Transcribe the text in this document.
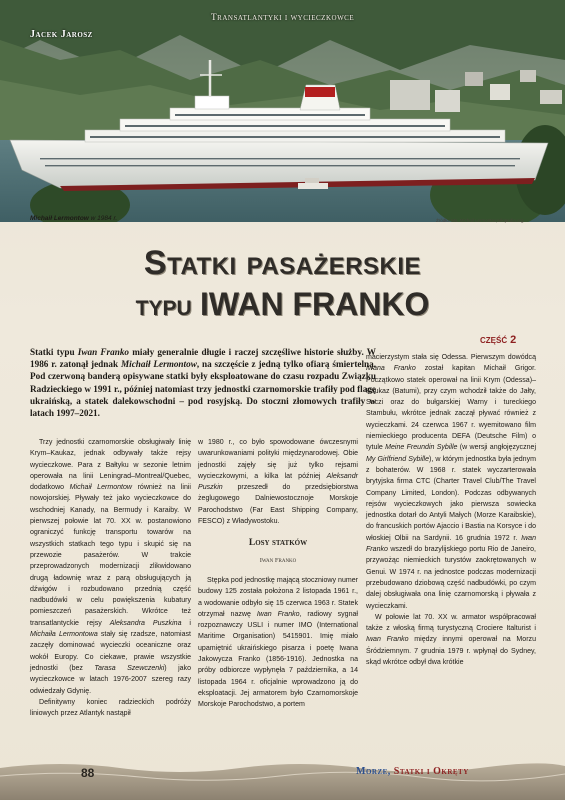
Transatlantyki i wycieczkowce
Jacek Jarosz
Michaił Lermontow w 1984 r.	Źródło: Ms. Michail Lermontov,wikipedia.org
Statki pasażerskie
typu IWAN FRANKO
część 2
Statki typu Iwan Franko miały generalnie długie i raczej szczęśliwe historie służby. W 1986 r. zatonął jednak Michaił Lermontow, na szczęście z jedną tylko ofiarą śmiertelną. Pod czerwoną banderą opisywane statki były eksploatowane do czasu rozpadu Związku Radzieckiego w 1991 r., później natomiast trzy jednostki czarnomorskie trafiły pod flagę ukraińską, a statek dalekowschodni – pod rosyjską. Do stoczni złomowych trafiły w latach 1997–2021.

Trzy jednostki czarnomorskie obsługiwały linię Krym–Kaukaz, jednak odbywały także rejsy wycieczkowe. Para z Bałtyku w sezonie letnim operowała na linii Leningrad–Montreal/Quebec, dodatkowo Michaił Lermontow również na linii nowojorskiej. Pływały też jako wycieczkowce do wschodniej Kanady, na Bermudy i Karaiby. W pierwszej połowie lat 70. XX w. postanowiono ograniczyć funkcję transportu towarów na wszystkich statkach tego typu i skupić się na przewozie pasażerów. W trakcie przeprowadzonych modernizacji zlikwidowano drugą ładownię wraz z parą obsługujących ją dźwigów i rozbudowano przednią część nadbudówki w celu powiększenia kubatury pomieszczeń pasażerskich. Wkrótce też transatlantyckie rejsy Aleksandra Puszkina i Michaiła Lermontowa stały się rzadsze, natomiast zaczęły dominować wycieczki oceaniczne oraz wokół Europy. Co ciekawe, prawie wszystkie jednostki (bez Tarasa Szewczenki) jako wycieczkowce w latach 1976-2007 szereg razy odwiedzały Gdynię.

Definitywny koniec radzieckich podróży liniowych przez Atlantyk nastąpił

w 1980 r., co było spowodowane ówczesnymi uwarunkowaniami polityki międzynarodowej. Obie jednostki zajęły się już tylko rejsami wycieczkowymi, a kilka lat później Aleksandr Puszkin przeszedł do przedsiębiorstwa żeglugowego Dalniewostocznoje Morskoje Parochodstwo (Far East Shipping Company, FESCO) z Władywostoku.

Losy statków
Iwan Franko

Stępka pod jednostkę mającą stoczniowy numer budowy 125 została położona 2 listopada 1961 r., a wodowanie odbyło się 15 czerwca 1963 r. Statek otrzymał nazwę Iwan Franko, radiowy sygnał rozpoznawczy USLI i numer IMO (International Maritime Organisation) 5415901. Imię miało upamiętnić ukraińskiego pisarza i poetę Iwana Jakowycza Franko (1856-1916). Jednostka na próby odbiorcze wypłynęła 7 października, a 14 listopada 1964 r. oficjalnie wprowadzono ją do eksploatacji. Jej armatorem było Czarnomorskoje Morskoje Parochodstwo, a portem

macierzystym stała się Odessa. Pierwszym dowódcą Iwana Franko został kapitan Michaił Grigor. Początkowo statek operował na linii Krym (Odessa)–Kaukaz (Batumi), przy czym wchodził także do Jałty, Soczi oraz do bułgarskiej Warny i tureckiego Stambułu, wkrótce jednak zaczął pływać również z wycieczkami. 24 czerwca 1967 r. wyemitowano film niemieckiego producenta DEFA (Deutsche Film) o tytule Meine Freundin Sybille (w wersji angłojęzycznej My Girlfriend Sybille), w którym jednostka była jednym z bohaterów. W 1968 r. statek wyczarterowała brytyjska firma CTC (Charter Travel Club/The Travel Company Limited, London). Podczas odbywanych rejsów wycieczkowych jako pierwsza sowiecka jednostka dotarł do Antyli Małych (Morze Karaibskie), do francuskich portów Ajaccio i Bastia na Korsyce i do włoskiej Olbii na Sardynii. 16 grudnia 1972 r. Iwan Franko wszedł do brazylijskiego portu Rio de Janeiro, przywożąc niemieckich turystów zaokrętowanych w Genui. W 1974 r. na jednostce podczas modernizacji przebudowano dziobową część nadbudówki, po czym dalej obsługiwała ona linię czarnomorską i pływała z wycieczkami.

W połowie lat 70. XX w. armator współpracował także z włoską firmą turystyczną Crociere Italturist i Iwan Franko między innymi operował na Morzu Śródziemnym. 7 grudnia 1979 r. wpłynął do Sydney, skąd wkrótce odbył dwa krótkie

88	Morze, Statki i Okręty
